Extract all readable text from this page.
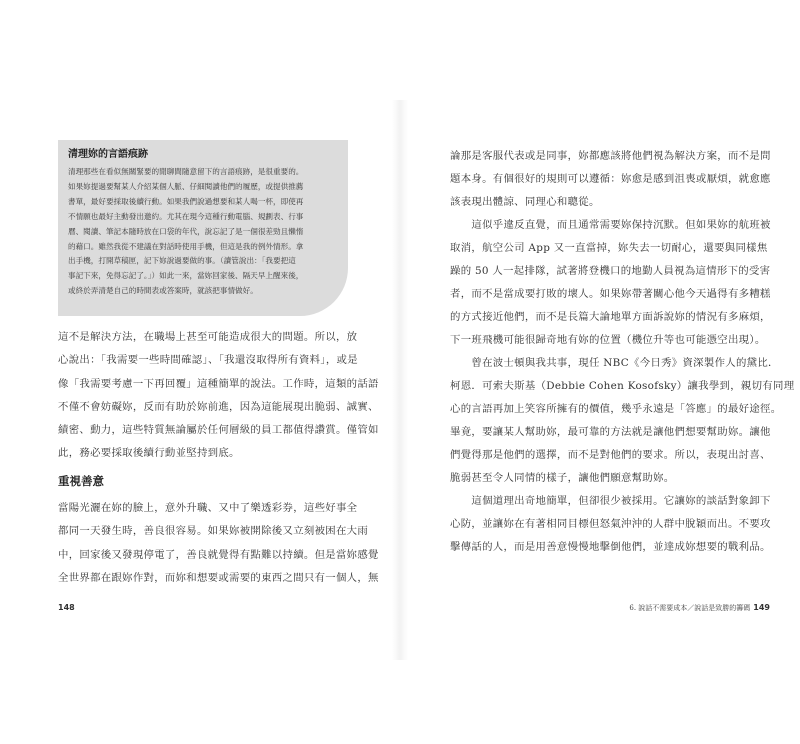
清理妳的言語痕跡
清理那些在看似無關緊要的閒聊間隨意留下的言語痕跡，是很重要的。
如果妳提過要幫某人介紹某個人脈、仔細閱讀他們的履歷，或提供推薦
書單，最好要採取後續行動。如果我們說過想要和某人喝一杯，即使再
不情願也最好主動發出邀約。尤其在現今這種行動電腦、規劃表、行事
曆、閱讀、筆記本隨時放在口袋的年代，說忘記了是一個很差勁且懶惰
的藉口。雖然我從不建議在對話時使用手機，但這是我的例外情形。拿
出手機，打開草稿匣，記下妳說過要做的事。（讀管說出：「我要把這
事記下來，免得忘記了。」）如此一來，當妳回家後、隔天早上醒來後，
或終於弄清楚自己的時間表或答案時，就該把事情做好。
這不是解決方法，在職場上甚至可能造成很大的問題。所以，放
心說出：「我需要一些時間確認」、「我還沒取得所有資料」，或是
像「我需要考慮一下再回覆」這種簡單的說法。工作時，這類的話語
不僅不會妨礙妳，反而有助於妳前進，因為這能展現出脆弱、誠實、
績密、動力，這些特質無論屬於任何層級的員工都值得讚賞。僅管如
此，務必要採取後續行動並堅持到底。
重視善意
當陽光灑在妳的臉上，意外升職、又中了樂透彩券，這些好事全
都同一天發生時，善良很容易。如果妳被開除後又立刻被困在大雨
中，回家後又發現停電了，善良就覺得有點難以持續。但是當妳感覺
全世界都在跟妳作對，而妳和想要或需要的東西之間只有一個人，無
148
論那是客服代表或是同事，妳都應該將他們視為解決方案，而不是問
題本身。有個很好的規則可以遵循：妳愈是感到沮喪或厭煩，就愈應
該表現出體諒、同理心和聰從。
　　這似乎違反直覺，而且通常需要妳保持沉默。但如果妳的航班被
取消，航空公司 App 又一直當掉，妳失去一切耐心，還要與同樣焦
躁的 50 人一起排隊，試著將登機口的地勤人員視為這情形下的受害
者，而不是當成要打敗的壞人。如果妳帶著關心他今天過得有多糟糕
的方式接近他們，而不是長篇大論地單方面訴說妳的情況有多麻煩，
下一班飛機可能很歸奇地有妳的位置（機位升等也可能憑空出現）。
　　曾在波士頓與我共事，現任 NBC《今日秀》資深製作人的黛比．
柯恩．可索夫斯基（Debbie Cohen Kosofsky）讓我學到，親切有同理
心的言語再加上笑容所擁有的價值，幾乎永遠是「答應」的最好途徑。
畢竟，要讓某人幫助妳，最可靠的方法就是讓他們想要幫助妳。讓他
們覺得那是他們的選擇，而不是對他們的要求。所以，表現出討喜、
脆弱甚至令人同情的樣子，讓他們願意幫助妳。
　　這個道理出奇地簡單，但卻很少被採用。它讓妳的談話對象卸下
心防，並讓妳在有著相同目標但怒氣沖沖的人群中脫穎而出。不要攻
擊傳話的人，而是用善意慢慢地擊倒他們，並達成妳想要的戰利品。
6. 說話不需要成本／說話是致勝的籌碼 149
